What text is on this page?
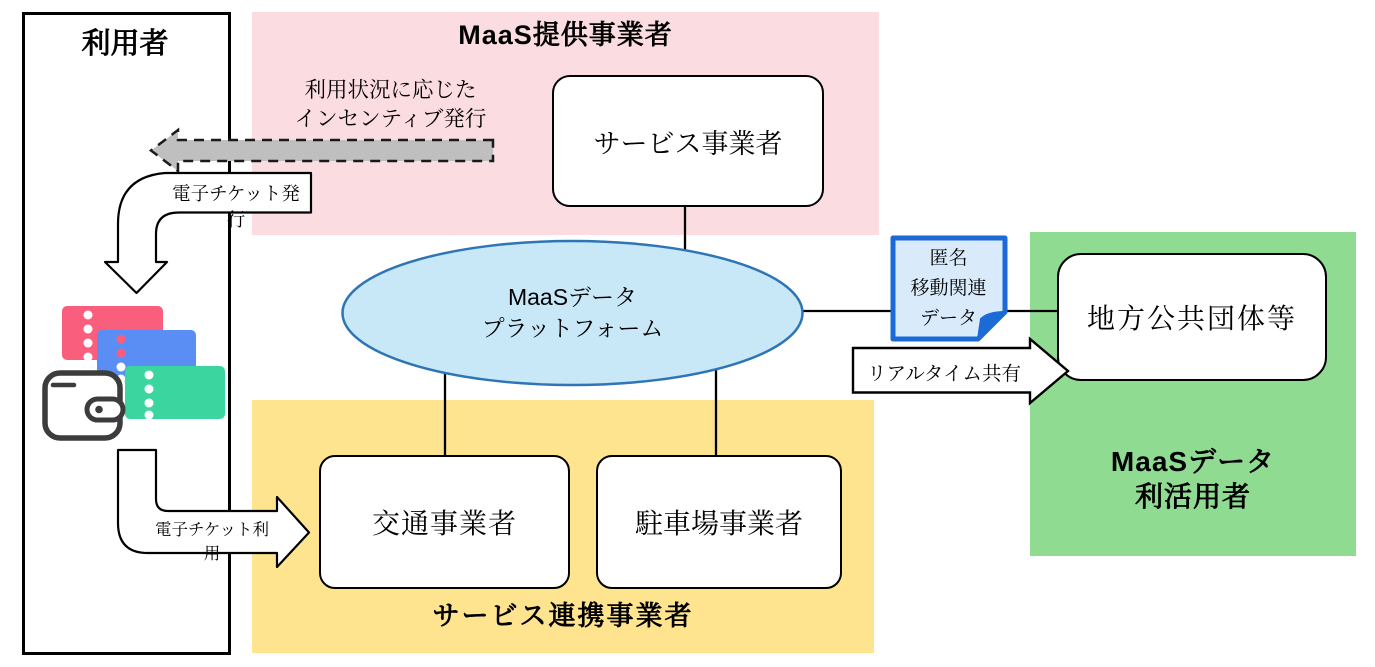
利用者	MaaS提供事業者
サービス連携事業者
MaaSデータ
利活用者
利用状況に応じた
インセンティブ発行
サービス事業者
交通事業者	駐車場事業者
地方公共団体等
MaaSデータ
プラットフォーム
電子チケット発行
電子チケット利用
リアルタイム共有
匿名
移動関連
データ
